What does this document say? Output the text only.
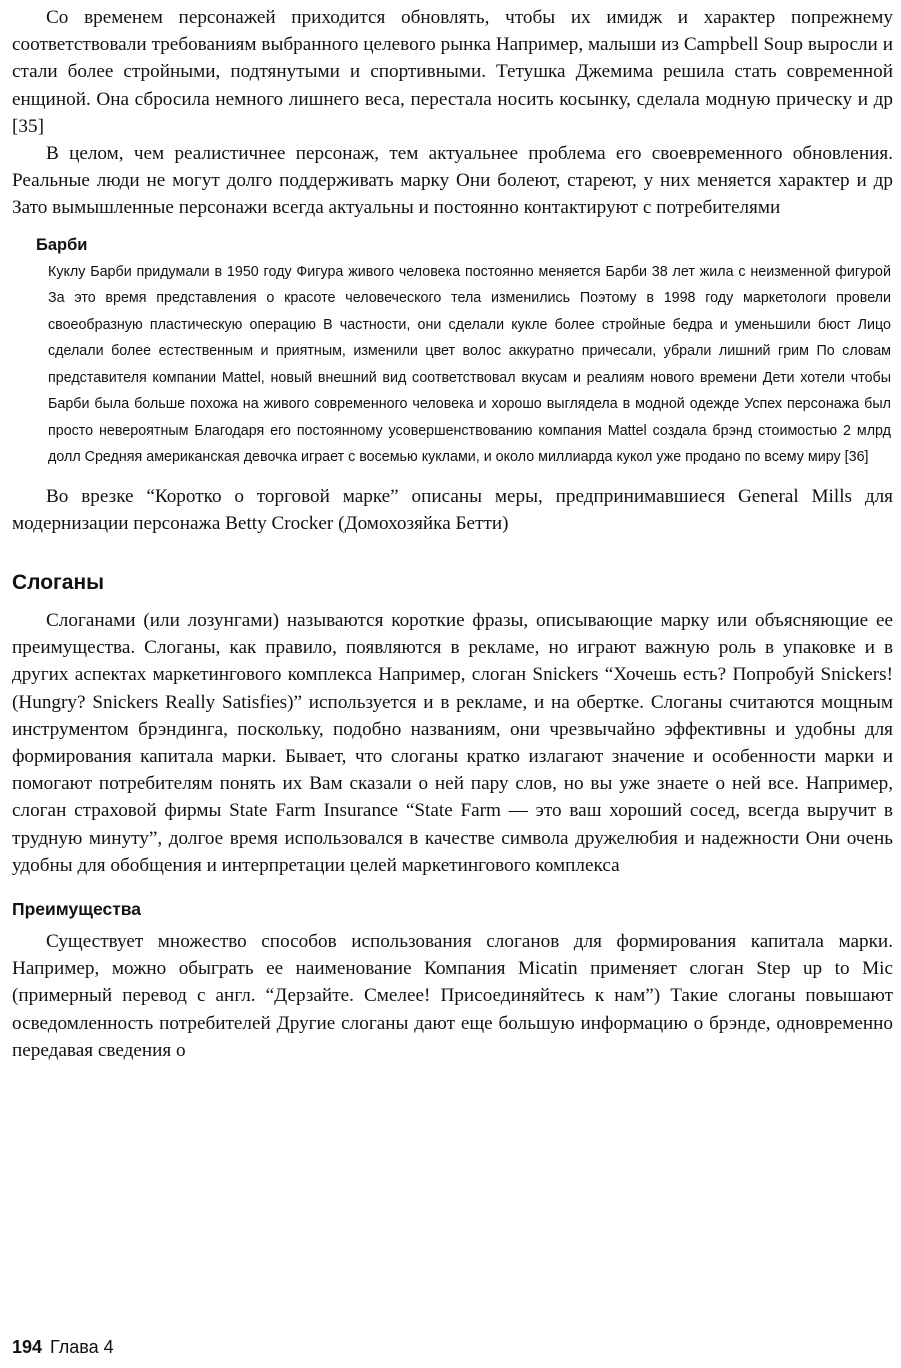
Со временем персонажей приходится обновлять, чтобы их имидж и характер попрежнему соответствовали требованиям выбранного целевого рынка Например, малыши из Campbell Soup выросли и стали более стройными, подтянутыми и спортивными. Тетушка Джемима решила стать современной енщиной. Она сбросила немного лишнего веса, перестала носить косынку, сделала модную прическу и др [35]

В целом, чем реалистичнее персонаж, тем актуальнее проблема его своевременного обновления. Реальные люди не могут долго поддерживать марку Они болеют, стареют, у них меняется характер и др Зато вымышленные персонажи всегда актуальны и постоянно контактируют с потребителями

Барби

Куклу Барби придумали в 1950 году Фигура живого человека постоянно меняется Барби 38 лет жила с неизменной фигурой За это время представления о красоте человеческого тела изменились Поэтому в 1998 году маркетологи провели своеобразную пластическую операцию В частности, они сделали кукле более стройные бедра и уменьшили бюст Лицо сделали более естественным и приятным, изменили цвет волос аккуратно причесали, убрали лишний грим По словам представителя компании Mattel, новый внешний вид соответствовал вкусам и реалиям нового времени Дети хотели чтобы Барби была больше похожа на живого современного человека и хорошо выглядела в модной одежде Успех персонажа был просто невероятным Благодаря его постоянному усовершенствованию компания Mattel создала брэнд стоимостью 2 млрд долл Средняя американская девочка играет с восемью куклами, и около миллиарда кукол уже продано по всему миру [36]

Во врезке “Коротко о торговой марке” описаны меры, предпринимавшиеся General Mills для модернизации персонажа Betty Crocker (Домохозяйка Бетти)

Слоганы

Слоганами (или лозунгами) называются короткие фразы, описывающие марку или объясняющие ее преимущества. Слоганы, как правило, появляются в рекламе, но играют важную роль в упаковке и в других аспектах маркетингового комплекса Например, слоган Snickers “Хочешь есть? Попробуй Snickers! (Hungry? Snickers Really Satisfies)” используется и в рекламе, и на обертке. Слоганы считаются мощным инструментом брэндинга, поскольку, подобно названиям, они чрезвычайно эффективны и удобны для формирования капитала марки. Бывает, что слоганы кратко излагают значение и особенности марки и помогают потребителям понять их Вам сказали о ней пару слов, но вы уже знаете о ней все. Например, слоган страховой фирмы State Farm Insurance “State Farm — это ваш хороший сосед, всегда выручит в трудную минуту”, долгое время использовался в качестве символа дружелюбия и надежности Они очень удобны для обобщения и интерпретации целей маркетингового комплекса

Преимущества

Существует множество способов использования слоганов для формирования капитала марки. Например, можно обыграть ее наименование Компания Micatin применяет слоган Step up to Mic (примерный перевод с англ. “Дерзайте. Смелее! Присоединяйтесь к нам”) Такие слоганы повышают осведомленность потребителей Другие слоганы дают еще большую информацию о брэнде, одновременно передавая сведения о

194 Глава 4
